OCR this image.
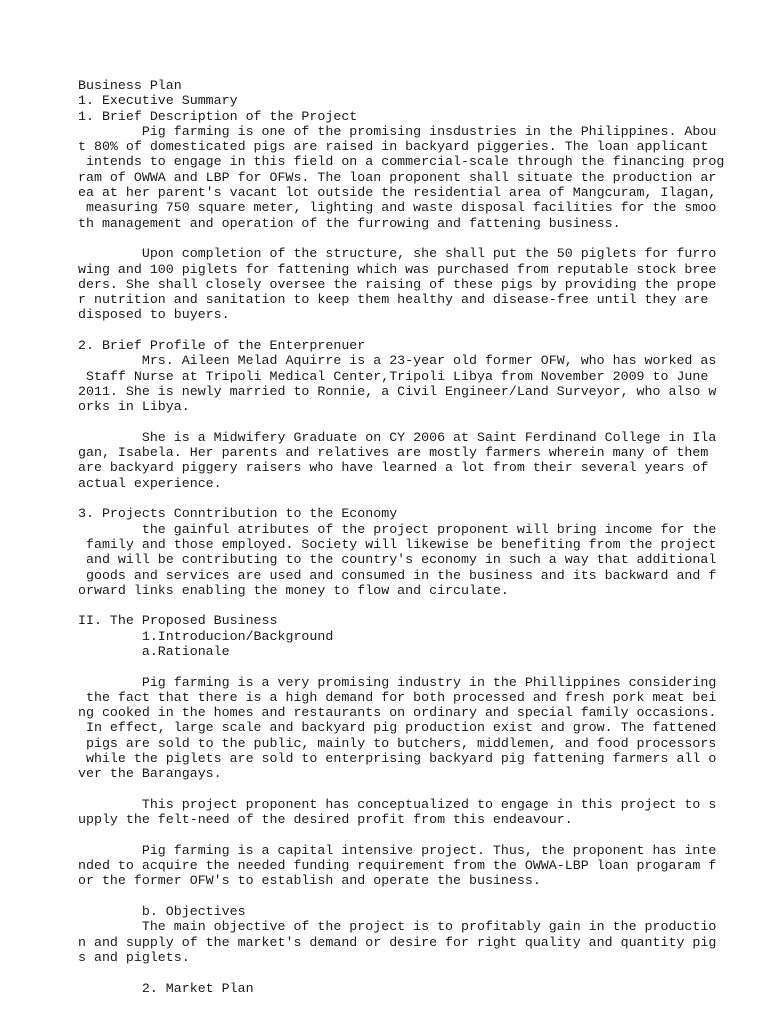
Business Plan
1. Executive Summary
1. Brief Description of the Project
Pig farming is one of the promising insdustries in the Philippines. Abou
t 80% of domesticated pigs are raised in backyard piggeries. The loan applicant
intends to engage in this field on a commercial-scale through the financing prog
ram of OWWA and LBP for OFWs. The loan proponent shall situate the production ar
ea at her parent's vacant lot outside the residential area of Mangcuram, Ilagan,
measuring 750 square meter, lighting and waste disposal facilities for the smoo
th management and operation of the furrowing and fattening business.
Upon completion of the structure, she shall put the 50 piglets for furro
wing and 100 piglets for fattening which was purchased from reputable stock bree
ders. She shall closely oversee the raising of these pigs by providing the prope
r nutrition and sanitation to keep them healthy and disease-free until they are
disposed to buyers.
2. Brief Profile of the Enterprenuer
Mrs. Aileen Melad Aquirre is a 23-year old former OFW, who has worked as
Staff Nurse at Tripoli Medical Center,Tripoli Libya from November 2009 to June
2011. She is newly married to Ronnie, a Civil Engineer/Land Surveyor, who also w
orks in Libya.
She is a Midwifery Graduate on CY 2006 at Saint Ferdinand College in Ila
gan, Isabela. Her parents and relatives are mostly farmers wherein many of them
are backyard piggery raisers who have learned a lot from their several years of
actual experience.
3. Projects Conntribution to the Economy
the gainful atributes of the project proponent will bring income for the
family and those employed. Society will likewise be benefiting from the project
and will be contributing to the country's economy in such a way that additional
goods and services are used and consumed in the business and its backward and f
orward links enabling the money to flow and circulate.
II. The Proposed Business
1.Introducion/Background
a.Rationale
Pig farming is a very promising industry in the Phillippines considering
the fact that there is a high demand for both processed and fresh pork meat bei
ng cooked in the homes and restaurants on ordinary and special family occasions.
In effect, large scale and backyard pig production exist and grow. The fattened
pigs are sold to the public, mainly to butchers, middlemen, and food processors
while the piglets are sold to enterprising backyard pig fattening farmers all o
ver the Barangays.
This project proponent has conceptualized to engage in this project to s
upply the felt-need of the desired profit from this endeavour.
Pig farming is a capital intensive project. Thus, the proponent has inte
nded to acquire the needed funding requirement from the OWWA-LBP loan progaram f
or the former OFW's to establish and operate the business.
b. Objectives
The main objective of the project is to profitably gain in the productio
n and supply of the market's demand or desire for right quality and quantity pig
s and piglets.
2. Market Plan
